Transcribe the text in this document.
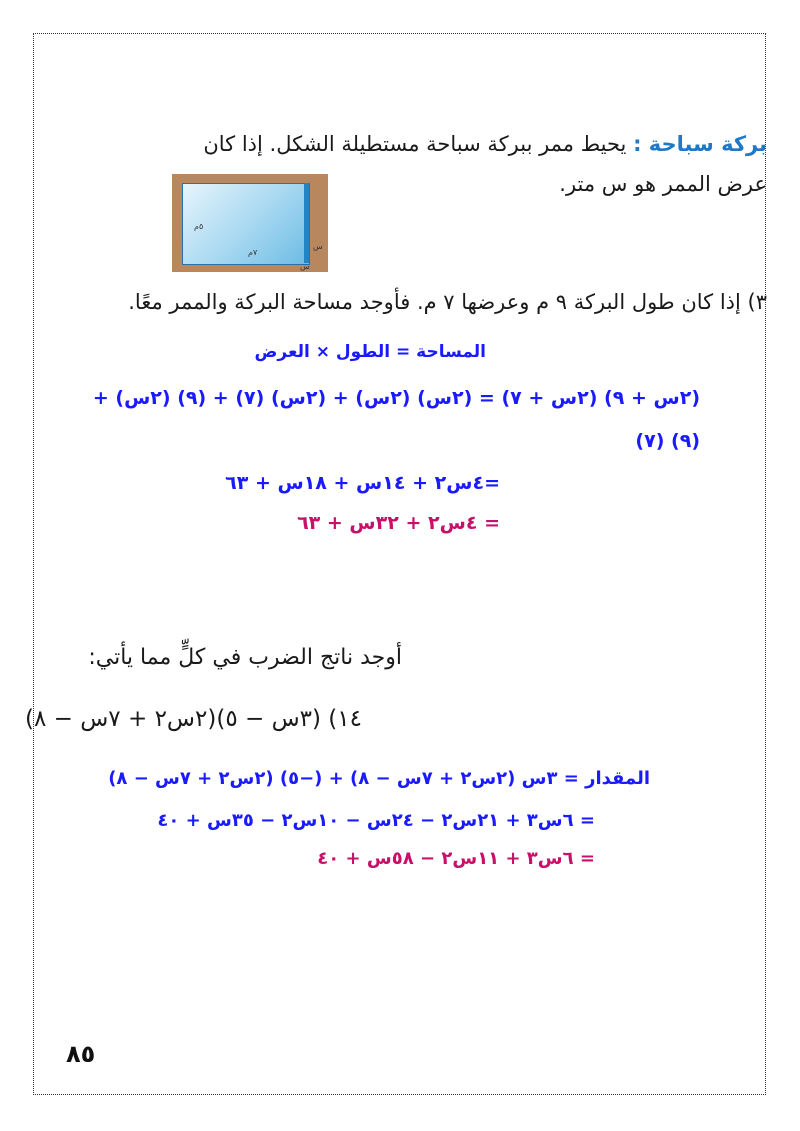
بركة سباحة : يحيط ممر ببركة سباحة مستطيلة الشكل. إذا كان
عرض الممر هو س متر.
٥م
٧م
س
س
٣) إذا كان طول البركة ٩ م وعرضها ٧ م. فأوجد مساحة البركة والممر معًا.
المساحة = الطول × العرض
(٢س + ٩) (٢س + ٧) = (٢س) (٢س) + (٢س) (٧) + (٩) (٢س) +
(٧) (٩)
=٤س٢ + ١٤س + ١٨س + ٦٣
= ٤س٢ + ٣٢س + ٦٣
أوجد ناتج الضرب في كلٍّ مما يأتي:
١٤) (٣س − ٥)(٢س٢ + ٧س − ٨)
المقدار = ٣س (٢س٢ + ٧س − ٨) + (−٥) (٢س٢ + ٧س − ٨)
= ٦س٣ + ٢١س٢ − ٢٤س − ١٠س٢ − ٣٥س + ٤٠
= ٦س٣ + ١١س٢ − ٥٨س + ٤٠
٨٥
